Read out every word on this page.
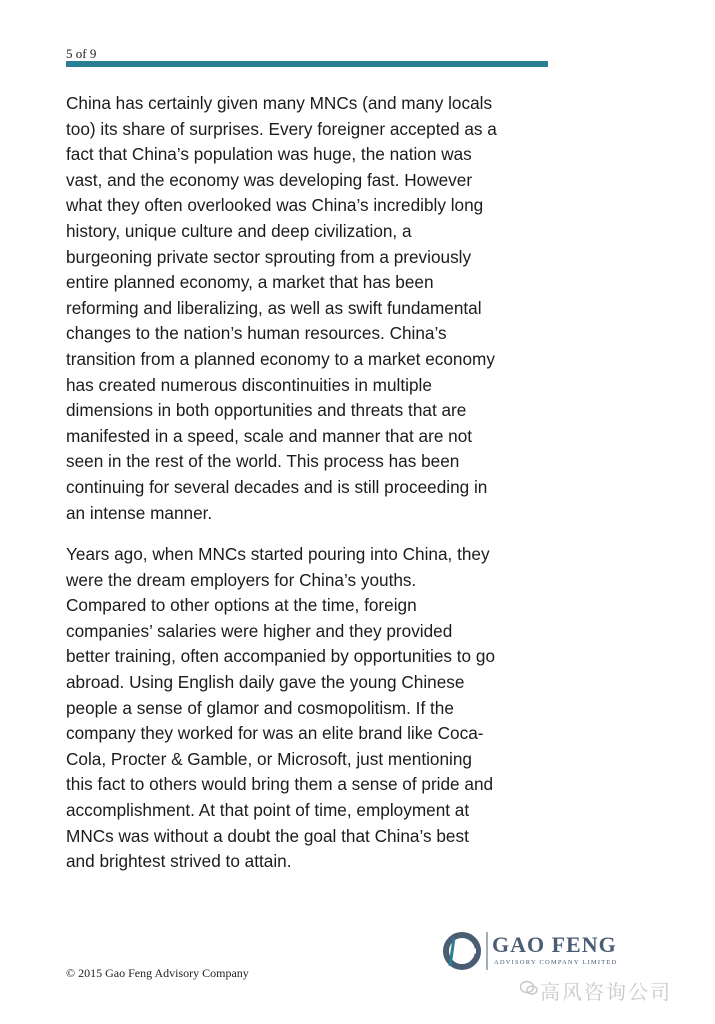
5 of 9

China has certainly given many MNCs (and many locals
too) its share of surprises. Every foreigner accepted as a
fact that China’s population was huge, the nation was
vast, and the economy was developing fast. However
what they often overlooked was China’s incredibly long
history, unique culture and deep civilization, a
burgeoning private sector sprouting from a previously
entire planned economy, a market that has been
reforming and liberalizing, as well as swift fundamental
changes to the nation’s human resources. China’s
transition from a planned economy to a market economy
has created numerous discontinuities in multiple
dimensions in both opportunities and threats that are
manifested in a speed, scale and manner that are not
seen in the rest of the world. This process has been
continuing for several decades and is still proceeding in
an intense manner.

Years ago, when MNCs started pouring into China, they
were the dream employers for China’s youths.
Compared to other options at the time, foreign
companies’ salaries were higher and they provided
better training, often accompanied by opportunities to go
abroad. Using English daily gave the young Chinese
people a sense of glamor and cosmopolitism. If the
company they worked for was an elite brand like Coca-
Cola, Procter & Gamble, or Microsoft, just mentioning
this fact to others would bring them a sense of pride and
accomplishment. At that point of time, employment at
MNCs was without a doubt the goal that China’s best
and brightest strived to attain.

© 2015 Gao Feng Advisory Company
GAO FENG
ADVISORY COMPANY LIMITED
高风咨询公司
